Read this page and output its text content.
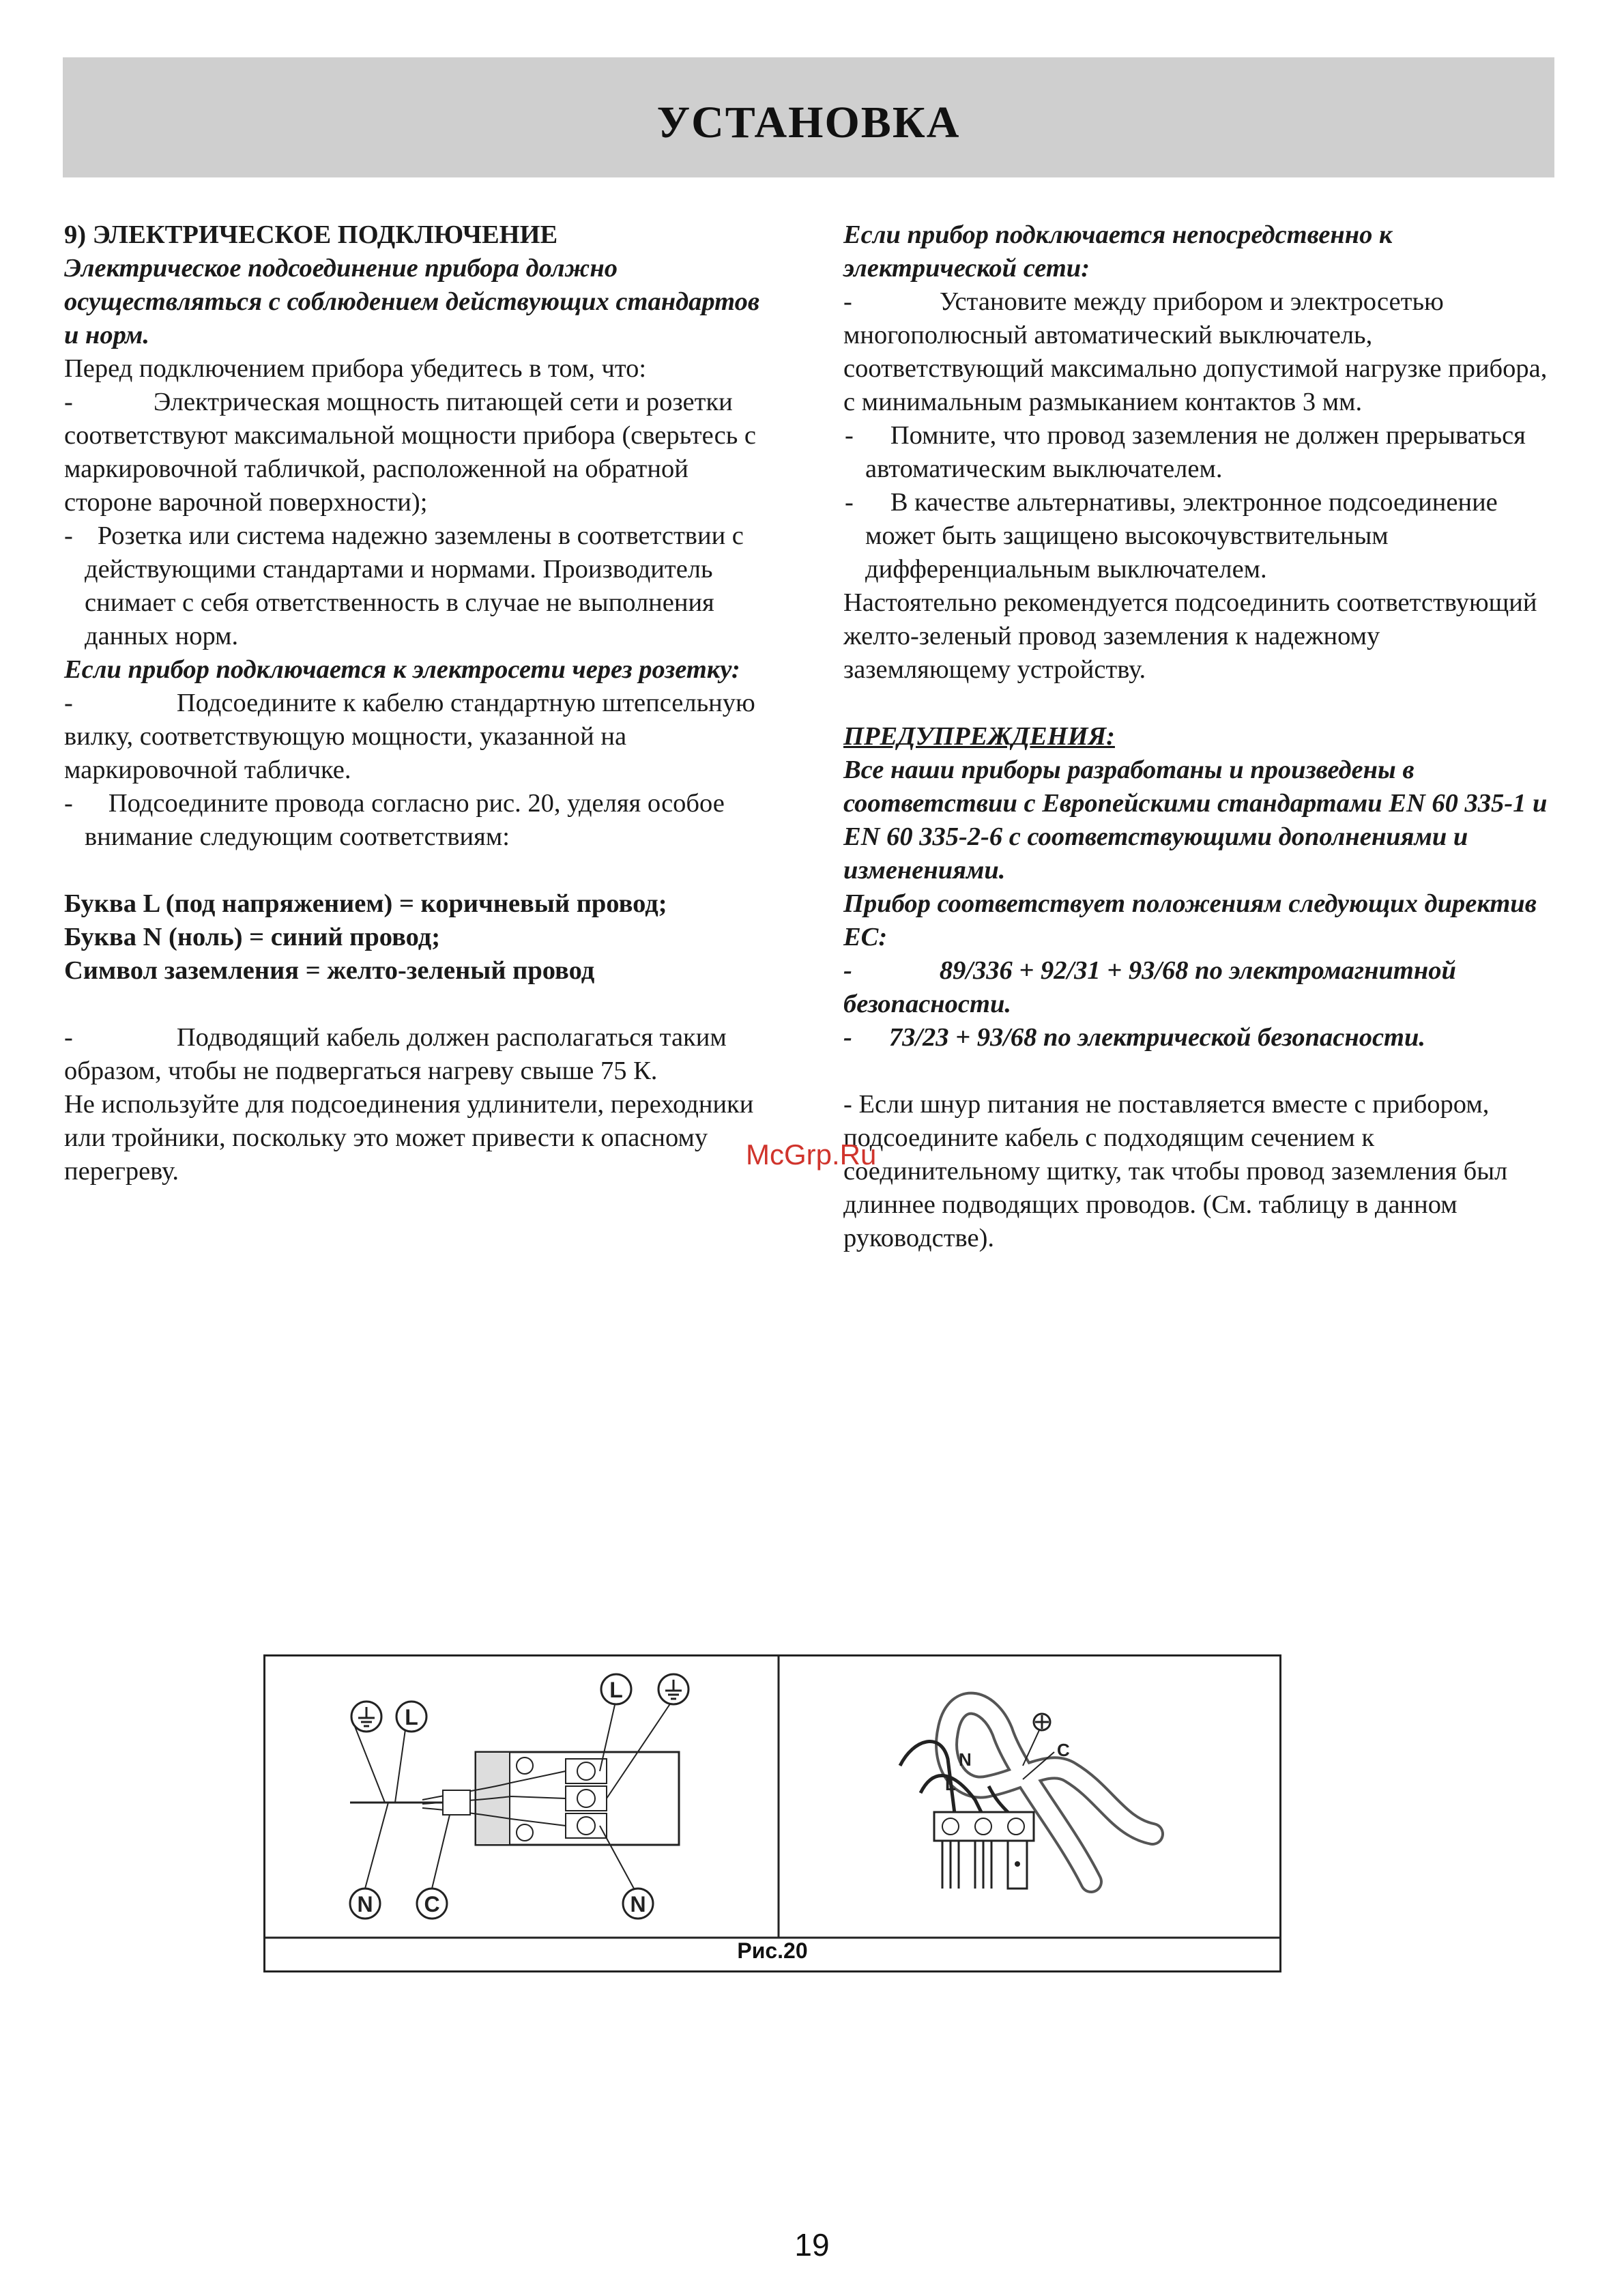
УСТАНОВКА

9) ЭЛЕКТРИЧЕСКОЕ ПОДКЛЮЧЕНИЕ

Электрическое подсоединение прибора должно осуществляться с соблюдением действующих стандартов и норм.

Перед подключением прибора убедитесь в том, что:

-	Электрическая мощность питающей сети и розетки соответствуют максимальной мощности прибора (сверьтесь с маркировочной табличкой, расположенной на обратной стороне варочной поверхности);

- Розетка или система надежно заземлены в соответствии с действующими стандартами и нормами. Производитель снимает с себя ответственность в случае не выполнения данных норм.

Если прибор подключается к электросети через розетку:

-	Подсоедините к кабелю стандартную штепсельную вилку, соответствующую мощности, указанной на маркировочной табличке.

- Подсоедините провода согласно рис. 20, уделяя особое внимание следующим соответствиям:

Буква L (под напряжением) = коричневый провод;

Буква N (ноль) = синий провод;

Символ заземления = желто-зеленый провод

-	Подводящий кабель должен располагаться таким образом, чтобы не подвергаться нагреву свыше 75 К.

Не используйте для подсоединения удлинители, переходники или тройники, поскольку это может привести к опасному перегреву.

Если прибор подключается непосредственно к электрической сети:

-	Установите между прибором и электросетью многополюсный автоматический выключатель, соответствующий максимально допустимой нагрузке прибора, с минимальным размыканием контактов 3 мм.

- Помните, что провод заземления не должен прерываться автоматическим выключателем.

- В качестве альтернативы, электронное подсоединение может быть защищено высокочувствительным дифференциальным выключателем.

Настоятельно рекомендуется подсоединить соответствующий желто-зеленый провод заземления к надежному заземляющему устройству.

ПРЕДУПРЕЖДЕНИЯ:

Все наши приборы разработаны и произведены в соответствии с Европейскими стандартами EN 60 335-1 и EN 60 335-2-6 с соответствующими дополнениями и изменениями.

Прибор соответствует положениям следующих директив ЕС:

-	89/336 + 92/31 + 93/68 по электромагнитной безопасности.

- 73/23 + 93/68 по электрической безопасности.

- Если шнур питания не поставляется вместе с прибором, подсоедините кабель с подходящим сечением к соединительному щитку, так чтобы провод заземления был длиннее подводящих проводов. (См. таблицу в данном руководстве).

McGrp.Ru
L
N C
L
N
C
N
L
Рис.20
19
